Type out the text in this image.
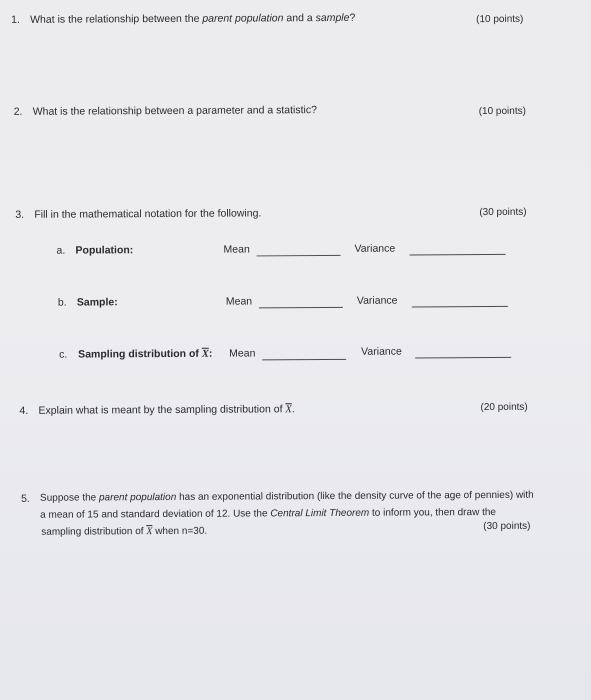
1. What is the relationship between the parent population and a sample?	(10 points)
2. What is the relationship between a parameter and a statistic?	(10 points)
3. Fill in the mathematical notation for the following.	(30 points)
a. Population:	Mean	Variance
b. Sample:	Mean	Variance
c. Sampling distribution of $\overline{X}$: Mean	Variance
4. Explain what is meant by the sampling distribution of $\overline{X}$.	(20 points)
5. Suppose the parent population has an exponential distribution (like the density curve of the age of pennies) with
a mean of 15 and standard deviation of 12. Use the Central Limit Theorem to inform you, then draw the
sampling distribution of $\overline{X}$ when n=30.	(30 points)
